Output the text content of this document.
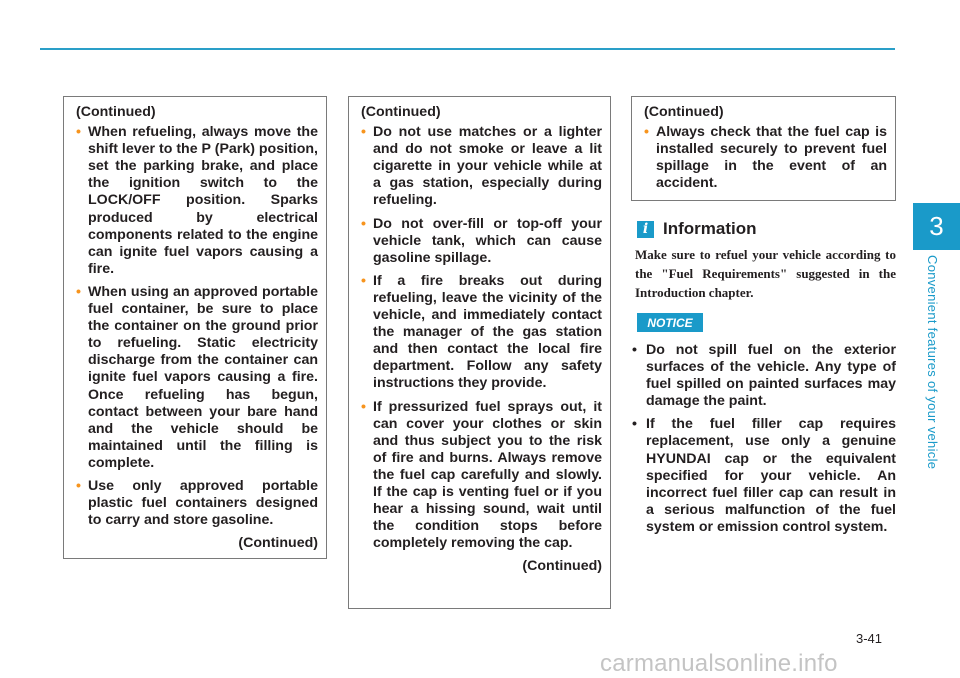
3
Convenient features of your vehicle
(Continued)
• When refueling, always move the shift lever to the P (Park) position, set the parking brake, and place the ignition switch to the LOCK/OFF position. Sparks produced by electrical components related to the engine can ignite fuel vapors causing a fire.
• When using an approved portable fuel container, be sure to place the container on the ground prior to refueling. Static electricity discharge from the container can ignite fuel vapors causing a fire. Once refueling has begun, contact between your bare hand and the vehicle should be maintained until the filling is complete.
• Use only approved portable plastic fuel containers designed to carry and store gasoline.
(Continued)
(Continued)
• Do not use matches or a lighter and do not smoke or leave a lit cigarette in your vehicle while at a gas station, especially during refueling.
• Do not over-fill or top-off your vehicle tank, which can cause gasoline spillage.
• If a fire breaks out during refueling, leave the vicinity of the vehicle, and immediately contact the manager of the gas station and then contact the local fire department. Follow any safety instructions they provide.
• If pressurized fuel sprays out, it can cover your clothes or skin and thus subject you to the risk of fire and burns. Always remove the fuel cap carefully and slowly. If the cap is venting fuel or if you hear a hissing sound, wait until the condition stops before completely removing the cap.
(Continued)
(Continued)
• Always check that the fuel cap is installed securely to prevent fuel spillage in the event of an accident.
i Information
Make sure to refuel your vehicle according to the "Fuel Requirements" suggested in the Introduction chapter.
NOTICE
• Do not spill fuel on the exterior surfaces of the vehicle. Any type of fuel spilled on painted surfaces may damage the paint.
• If the fuel filler cap requires replacement, use only a genuine HYUNDAI cap or the equivalent specified for your vehicle. An incorrect fuel filler cap can result in a serious malfunction of the fuel system or emission control system.
3-41
carmanualsonline.info
